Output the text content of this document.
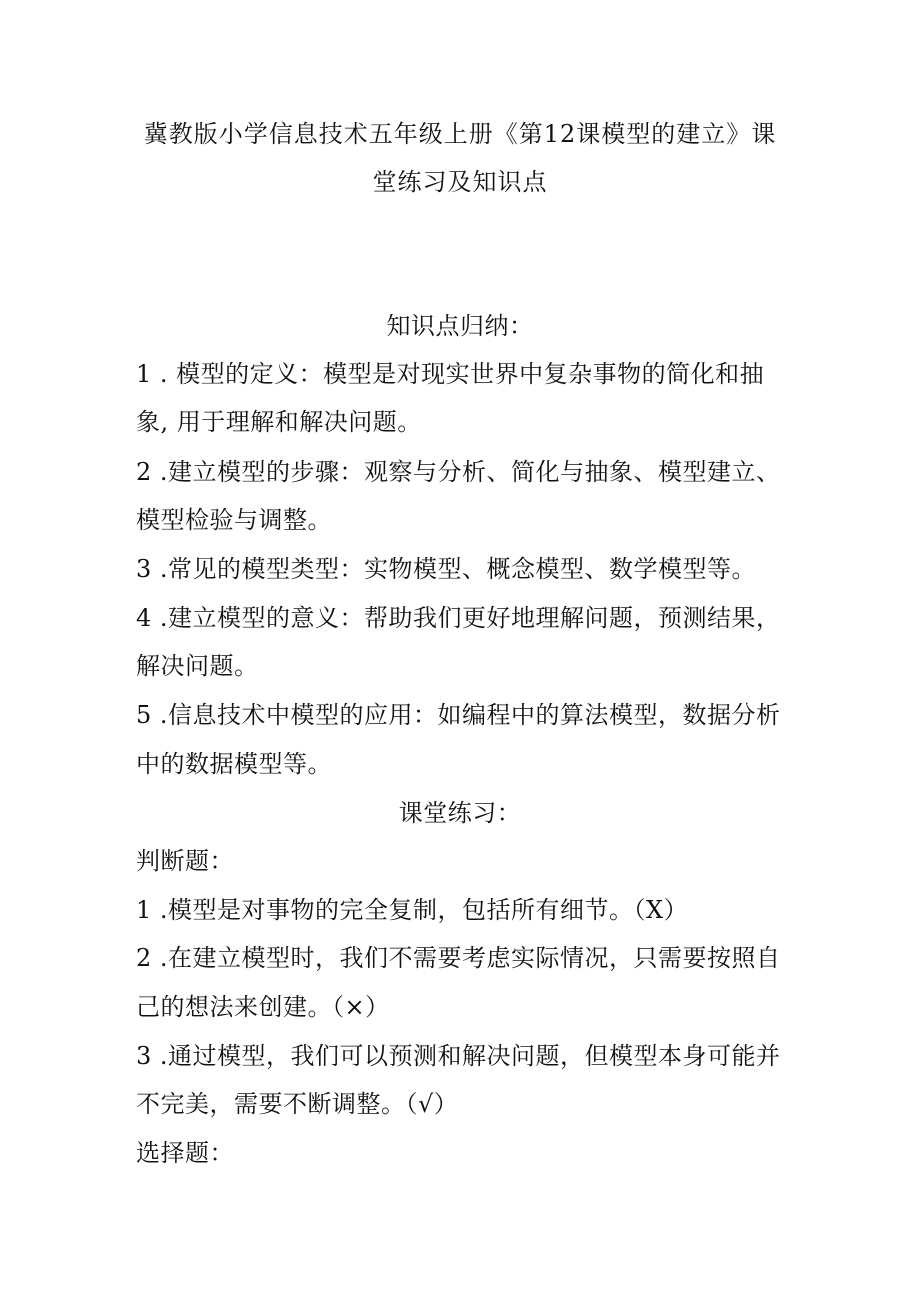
冀教版小学信息技术五年级上册《第12课模型的建立》课
堂练习及知识点
知识点归纳：
1 . 模型的定义：模型是对现实世界中复杂事物的简化和抽
象, 用于理解和解决问题。
2 .建立模型的步骤：观察与分析、简化与抽象、模型建立、
模型检验与调整。
3 .常见的模型类型：实物模型、概念模型、数学模型等。
4 .建立模型的意义：帮助我们更好地理解问题，预测结果，
解决问题。
5 .信息技术中模型的应用：如编程中的算法模型，数据分析
中的数据模型等。
课堂练习：
判断题：
1 .模型是对事物的完全复制，包括所有细节。（X）
2 .在建立模型时，我们不需要考虑实际情况，只需要按照自
己的想法来创建。（×）
3 .通过模型，我们可以预测和解决问题，但模型本身可能并
不完美，需要不断调整。（√）
选择题：
